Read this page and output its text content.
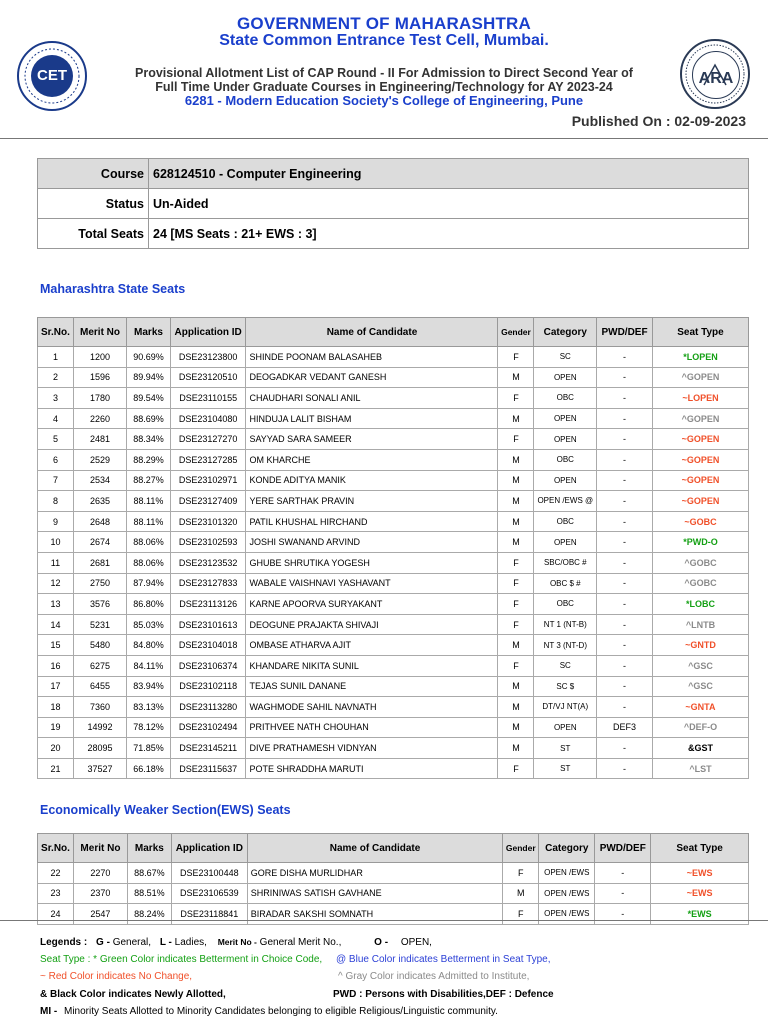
CET	ARA
GOVERNMENT OF MAHARASHTRA
State Common Entrance Test Cell, Mumbai.
Provisional Allotment List of CAP Round - II For Admission to Direct Second Year of
Full Time Under Graduate Courses in Engineering/Technology for AY 2023-24
6281 - Modern Education Society's College of Engineering, Pune
Published On : 02-09-2023
Course	628124510 - Computer Engineering
Status	Un-Aided
Total Seats	24 [MS Seats : 21+ EWS : 3]
Maharashtra State Seats
Sr.No.	Merit No	Marks	Application ID	Name of Candidate	Gender	Category	PWD/DEF	Seat Type
1	1200	90.69%	DSE23123800	SHINDE POONAM BALASAHEB	F	SC	-	*LOPEN
2	1596	89.94%	DSE23120510	DEOGADKAR VEDANT GANESH	M	OPEN	-	^GOPEN
3	1780	89.54%	DSE23110155	CHAUDHARI SONALI ANIL	F	OBC	-	~LOPEN
4	2260	88.69%	DSE23104080	HINDUJA LALIT BISHAM	M	OPEN	-	^GOPEN
5	2481	88.34%	DSE23127270	SAYYAD SARA SAMEER	F	OPEN	-	~GOPEN
6	2529	88.29%	DSE23127285	OM KHARCHE	M	OBC	-	~GOPEN
7	2534	88.27%	DSE23102971	KONDE ADITYA MANIK	M	OPEN	-	~GOPEN
8	2635	88.11%	DSE23127409	YERE SARTHAK PRAVIN	M	OPEN /EWS @	-	~GOPEN
9	2648	88.11%	DSE23101320	PATIL KHUSHAL HIRCHAND	M	OBC	-	~GOBC
10	2674	88.06%	DSE23102593	JOSHI SWANAND ARVIND	M	OPEN	-	*PWD-O
11	2681	88.06%	DSE23123532	GHUBE SHRUTIKA YOGESH	F	SBC/OBC #	-	^GOBC
12	2750	87.94%	DSE23127833	WABALE VAISHNAVI YASHAVANT	F	OBC $ #	-	^GOBC
13	3576	86.80%	DSE23113126	KARNE APOORVA SURYAKANT	F	OBC	-	*LOBC
14	5231	85.03%	DSE23101613	DEOGUNE PRAJAKTA SHIVAJI	F	NT 1 (NT-B)	-	^LNTB
15	5480	84.80%	DSE23104018	OMBASE ATHARVA AJIT	M	NT 3 (NT-D)	-	~GNTD
16	6275	84.11%	DSE23106374	KHANDARE NIKITA SUNIL	F	SC	-	^GSC
17	6455	83.94%	DSE23102118	TEJAS SUNIL DANANE	M	SC $	-	^GSC
18	7360	83.13%	DSE23113280	WAGHMODE SAHIL NAVNATH	M	DT/VJ NT(A)	-	~GNTA
19	14992	78.12%	DSE23102494	PRITHVEE NATH CHOUHAN	M	OPEN	DEF3	^DEF-O
20	28095	71.85%	DSE23145211	DIVE PRATHAMESH VIDNYAN	M	ST	-	&GST
21	37527	66.18%	DSE23115637	POTE SHRADDHA MARUTI	F	ST	-	^LST
Economically Weaker Section(EWS) Seats
Sr.No.	Merit No	Marks	Application ID	Name of Candidate	Gender	Category	PWD/DEF	Seat Type
22	2270	88.67%	DSE23100448	GORE DISHA MURLIDHAR	F	OPEN /EWS	-	~EWS
23	2370	88.51%	DSE23106539	SHRINIWAS SATISH GAVHANE	M	OPEN /EWS	-	~EWS
24	2547	88.24%	DSE23118841	BIRADAR SAKSHI SOMNATH	F	OPEN /EWS	-	*EWS
Legends : G - General, L - Ladies, Merit No - General Merit No.,	O - OPEN,
Seat Type : * Green Color indicates Betterment in Choice Code, @ Blue Color indicates Betterment in Seat Type,
~ Red Color indicates No Change,	^ Gray Color indicates Admitted to Institute,
& Black Color indicates Newly Allotted,	PWD : Persons with Disabilities,DEF : Defence
MI - Minority Seats Allotted to Minority Candidates belonging to eligible Religious/Linguistic community.
